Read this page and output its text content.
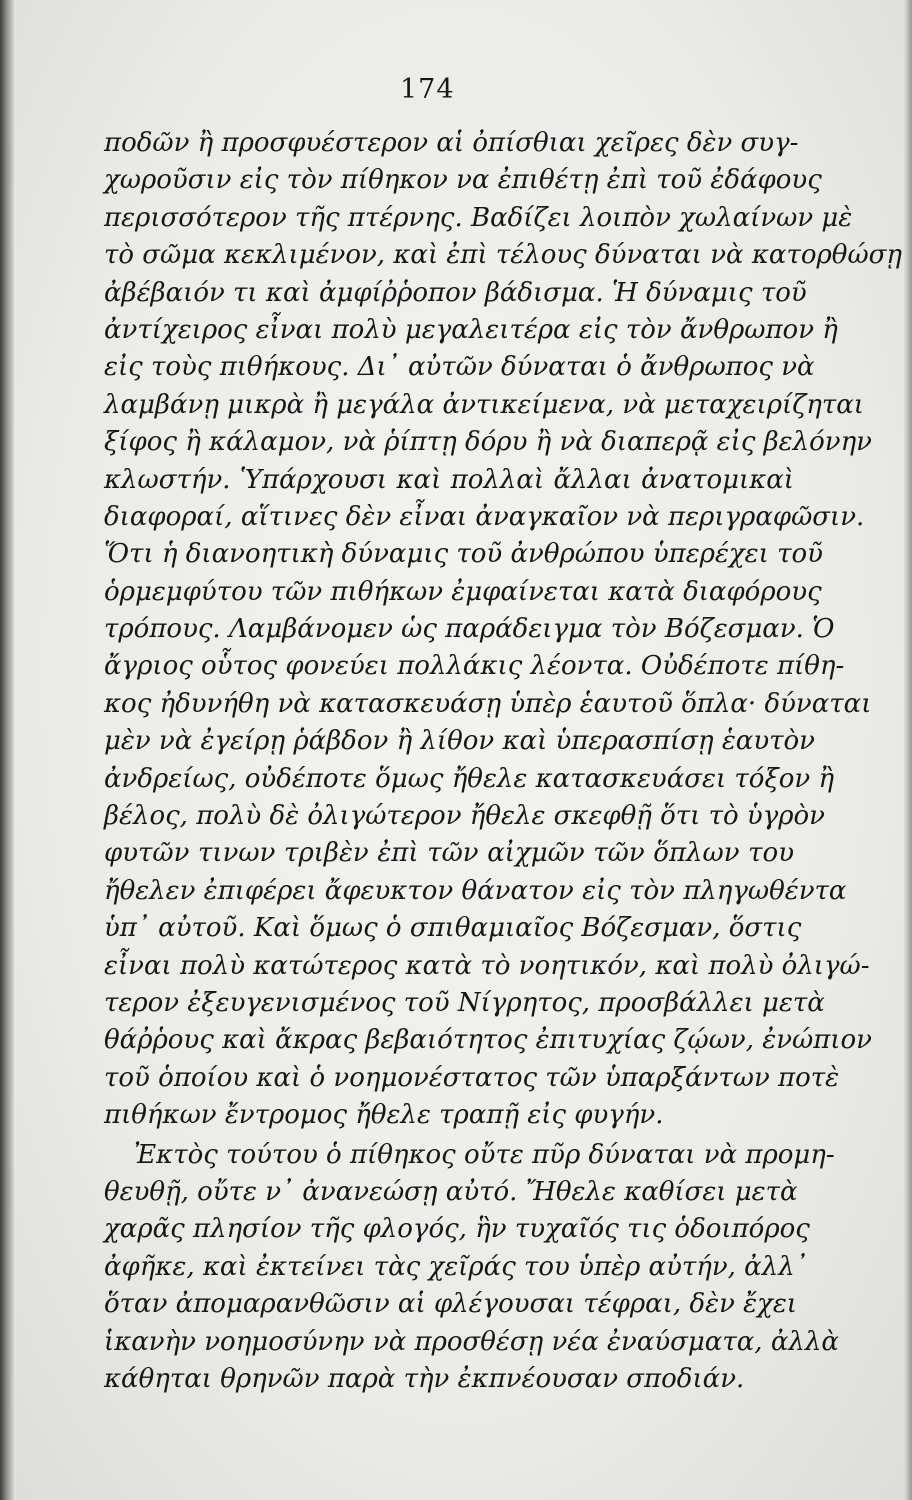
174
ποδῶν ἢ προσφυέστερον αἱ ὀπίσθιαι χεῖρες δὲν συγ-
χωροῦσιν εἰς τὸν πίθηκον να ἐπιθέτῃ ἐπὶ τοῦ ἐδάφους
περισσότερον τῆς πτέρνης. Βαδίζει λοιπὸν χωλαίνων μὲ
τὸ σῶμα κεκλιμένον, καὶ ἐπὶ τέλους δύναται νὰ κατορθώσῃ
ἀβέβαιόν τι καὶ ἀμφίῤῥοπον βάδισμα. Ἡ δύναμις τοῦ
ἀντίχειρος εἶναι πολὺ μεγαλειτέρα εἰς τὸν ἄνθρωπον ἢ
εἰς τοὺς πιθήκους. Δι᾽ αὐτῶν δύναται ὁ ἄνθρωπος νὰ
λαμβάνῃ μικρὰ ἢ μεγάλα ἀντικείμενα, νὰ μεταχειρίζηται
ξίφος ἢ κάλαμον, νὰ ῥίπτῃ δόρυ ἢ νὰ διαπερᾷ εἰς βελόνην
κλωστήν. Ὑπάρχουσι καὶ πολλαὶ ἄλλαι ἀνατομικαὶ
διαφοραί, αἵτινες δὲν εἶναι ἀναγκαῖον νὰ περιγραφῶσιν.
Ὅτι ἡ διανοητικὴ δύναμις τοῦ ἀνθρώπου ὑπερέχει τοῦ
ὁρμεμφύτου τῶν πιθήκων ἐμφαίνεται κατὰ διαφόρους
τρόπους. Λαμβάνομεν ὡς παράδειγμα τὸν Βόζεσμαν. Ὁ
ἄγριος οὗτος φονεύει πολλάκις λέοντα. Οὐδέποτε πίθη-
κος ἠδυνήθη νὰ κατασκευάσῃ ὑπὲρ ἑαυτοῦ ὅπλα· δύναται
μὲν νὰ ἐγείρῃ ῥάβδον ἢ λίθον καὶ ὑπερασπίσῃ ἑαυτὸν
ἀνδρείως, οὐδέποτε ὅμως ἤθελε κατασκευάσει τόξον ἢ
βέλος, πολὺ δὲ ὀλιγώτερον ἤθελε σκεφθῇ ὅτι τὸ ὑγρὸν
φυτῶν τινων τριβὲν ἐπὶ τῶν αἰχμῶν τῶν ὅπλων του
ἤθελεν ἐπιφέρει ἄφευκτον θάνατον εἰς τὸν πληγωθέντα
ὑπ᾽ αὐτοῦ. Καὶ ὅμως ὁ σπιθαμιαῖος Βόζεσμαν, ὅστις
εἶναι πολὺ κατώτερος κατὰ τὸ νοητικόν, καὶ πολὺ ὀλιγώ-
τερον ἐξευγενισμένος τοῦ Νίγρητος, προσβάλλει μετὰ
θάῤῥους καὶ ἄκρας βεβαιότητος ἐπιτυχίας ζῴων, ἐνώπιον
τοῦ ὁποίου καὶ ὁ νοημονέστατος τῶν ὑπαρξάντων ποτὲ
πιθήκων ἔντρομος ἤθελε τραπῇ εἰς φυγήν.
Ἐκτὸς τούτου ὁ πίθηκος οὔτε πῦρ δύναται νὰ προμη-
θευθῇ, οὔτε ν᾽ ἀνανεώσῃ αὐτό. Ἤθελε καθίσει μετὰ
χαρᾶς πλησίον τῆς φλογός, ἣν τυχαῖός τις ὁδοιπόρος
ἀφῆκε, καὶ ἐκτείνει τὰς χεῖράς του ὑπὲρ αὐτήν, ἀλλ᾽
ὅταν ἀπομαρανθῶσιν αἱ φλέγουσαι τέφραι, δὲν ἔχει
ἱκανὴν νοημοσύνην νὰ προσθέσῃ νέα ἐναύσματα, ἀλλὰ
κάθηται θρηνῶν παρὰ τὴν ἐκπνέουσαν σποδιάν.
